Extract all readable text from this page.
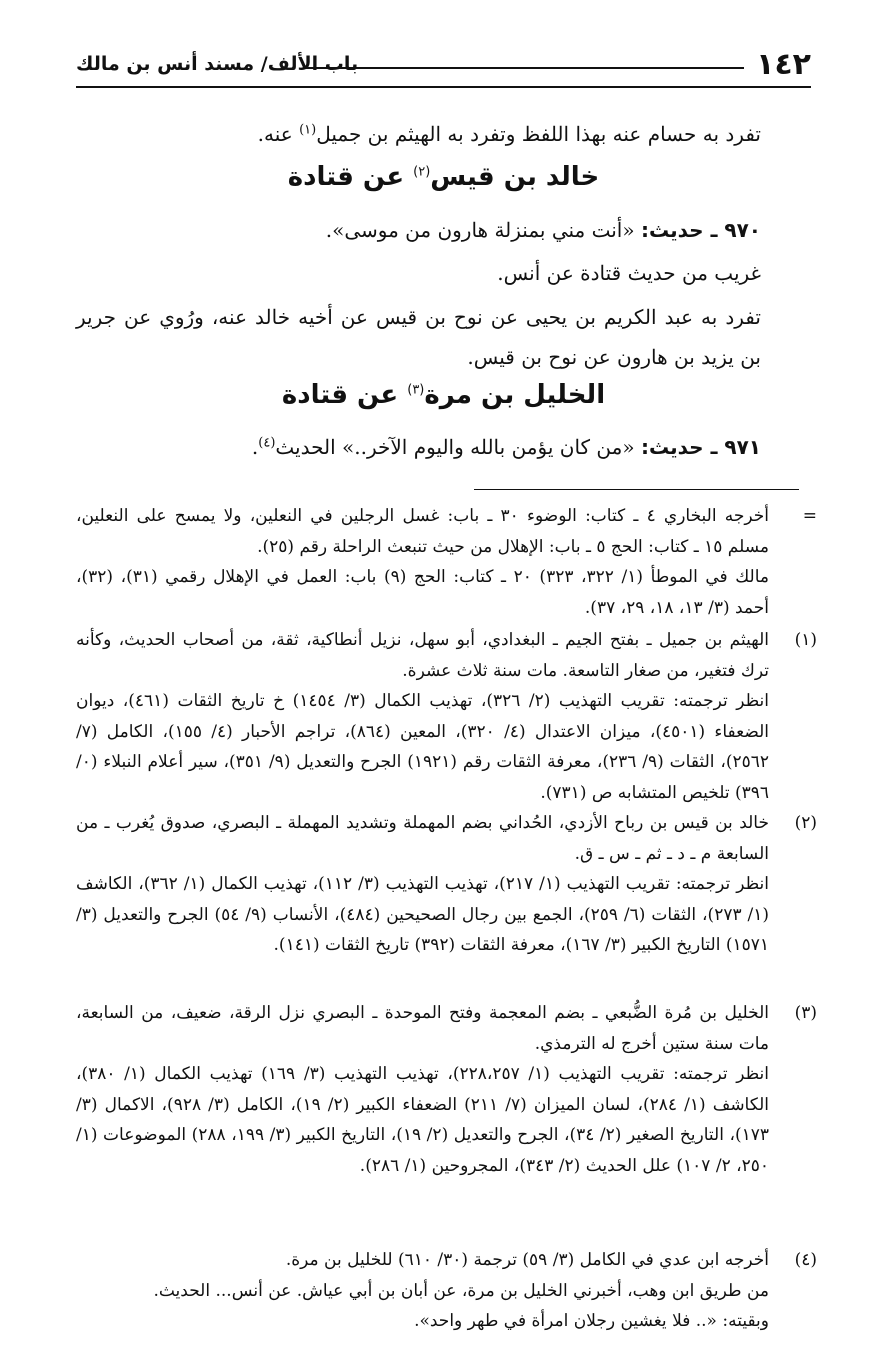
١٤٢
باب الألف/ مسند أنس بن مالك
تفرد به حسام عنه بهذا اللفظ وتفرد به الهيثم بن جميل$^{(١)}$ عنه.
خالد بن قيس$^{(٢)}$ عن قتادة
٩٧٠ ـ حديث: «أنت مني بمنزلة هارون من موسى».
غريب من حديث قتادة عن أنس.
تفرد به عبد الكريم بن يحيى عن نوح بن قيس عن أخيه خالد عنه، ورُوي عن جرير بن يزيد بن هارون عن نوح بن قيس.
الخليل بن مرة$^{(٣)}$ عن قتادة
٩٧١ ـ حديث: «من كان يؤمن بالله واليوم الآخر..» الحديث$^{(٤)}$.
=
أخرجه البخاري ٤ ـ كتاب: الوضوء ٣٠ ـ باب: غسل الرجلين في النعلين، ولا يمسح على النعلين، مسلم ١٥ ـ كتاب: الحج ٥ ـ باب: الإهلال من حيث تنبعث الراحلة رقم (٢٥).
مالك في الموطأ (١/ ٣٢٢، ٣٢٣) ٢٠ ـ كتاب: الحج (٩) باب: العمل في الإهلال رقمي (٣١)، (٣٢)، أحمد (٣/ ١٣، ١٨، ٢٩، ٣٧).
(١)
الهيثم بن جميل ـ بفتح الجيم ـ البغدادي، أبو سهل، نزيل أنطاكية، ثقة، من أصحاب الحديث، وكأنه ترك فتغير، من صغار التاسعة. مات سنة ثلاث عشرة.
انظر ترجمته: تقريب التهذيب (٢/ ٣٢٦)، تهذيب الكمال (٣/ ١٤٥٤) خ تاريخ الثقات (٤٦١)، ديوان الضعفاء (٤٥٠١)، ميزان الاعتدال (٤/ ٣٢٠)، المعين (٨٦٤)، تراجم الأحبار (٤/ ١٥٥)، الكامل (٧/ ٢٥٦٢)، الثقات (٩/ ٢٣٦)، معرفة الثقات رقم (١٩٢١) الجرح والتعديل (٩/ ٣٥١)، سير أعلام النبلاء (٠/ ٣٩٦) تلخيص المتشابه ص (٧٣١).
(٢)
خالد بن قيس بن رباح الأزدي، الحُداني بضم المهملة وتشديد المهملة ـ البصري، صدوق يُغرب ـ من السابعة م ـ د ـ ثم ـ س ـ ق.
انظر ترجمته: تقريب التهذيب (١/ ٢١٧)، تهذيب التهذيب (٣/ ١١٢)، تهذيب الكمال (١/ ٣٦٢)، الكاشف (١/ ٢٧٣)، الثقات (٦/ ٢٥٩)، الجمع بين رجال الصحيحين (٤٨٤)، الأنساب (٩/ ٥٤) الجرح والتعديل (٣/ ١٥٧١) التاريخ الكبير (٣/ ١٦٧)، معرفة الثقات (٣٩٢) تاريخ الثقات (١٤١).
(٣)
الخليل بن مُرة الضُّبعي ـ بضم المعجمة وفتح الموحدة ـ البصري نزل الرقة، ضعيف، من السابعة، مات سنة ستين أخرج له الترمذي.
انظر ترجمته: تقريب التهذيب (١/ ٢٢٨،٢٥٧)، تهذيب التهذيب (٣/ ١٦٩) تهذيب الكمال (١/ ٣٨٠)، الكاشف (١/ ٢٨٤)، لسان الميزان (٧/ ٢١١) الضعفاء الكبير (٢/ ١٩)، الكامل (٣/ ٩٢٨)، الاكمال (٣/ ١٧٣)، التاريخ الصغير (٢/ ٣٤)، الجرح والتعديل (٢/ ١٩)، التاريخ الكبير (٣/ ١٩٩، ٢٨٨) الموضوعات (١/ ٢٥٠، ٢/ ١٠٧) علل الحديث (٢/ ٣٤٣)، المجروحين (١/ ٢٨٦).
(٤)
أخرجه ابن عدي في الكامل (٣/ ٥٩) ترجمة (٣٠/ ٦١٠) للخليل بن مرة.
من طريق ابن وهب، أخبرني الخليل بن مرة، عن أبان بن أبي عياش. عن أنس... الحديث.
وبقيته: «.. فلا يغشين رجلان امرأة في طهر واحد».
